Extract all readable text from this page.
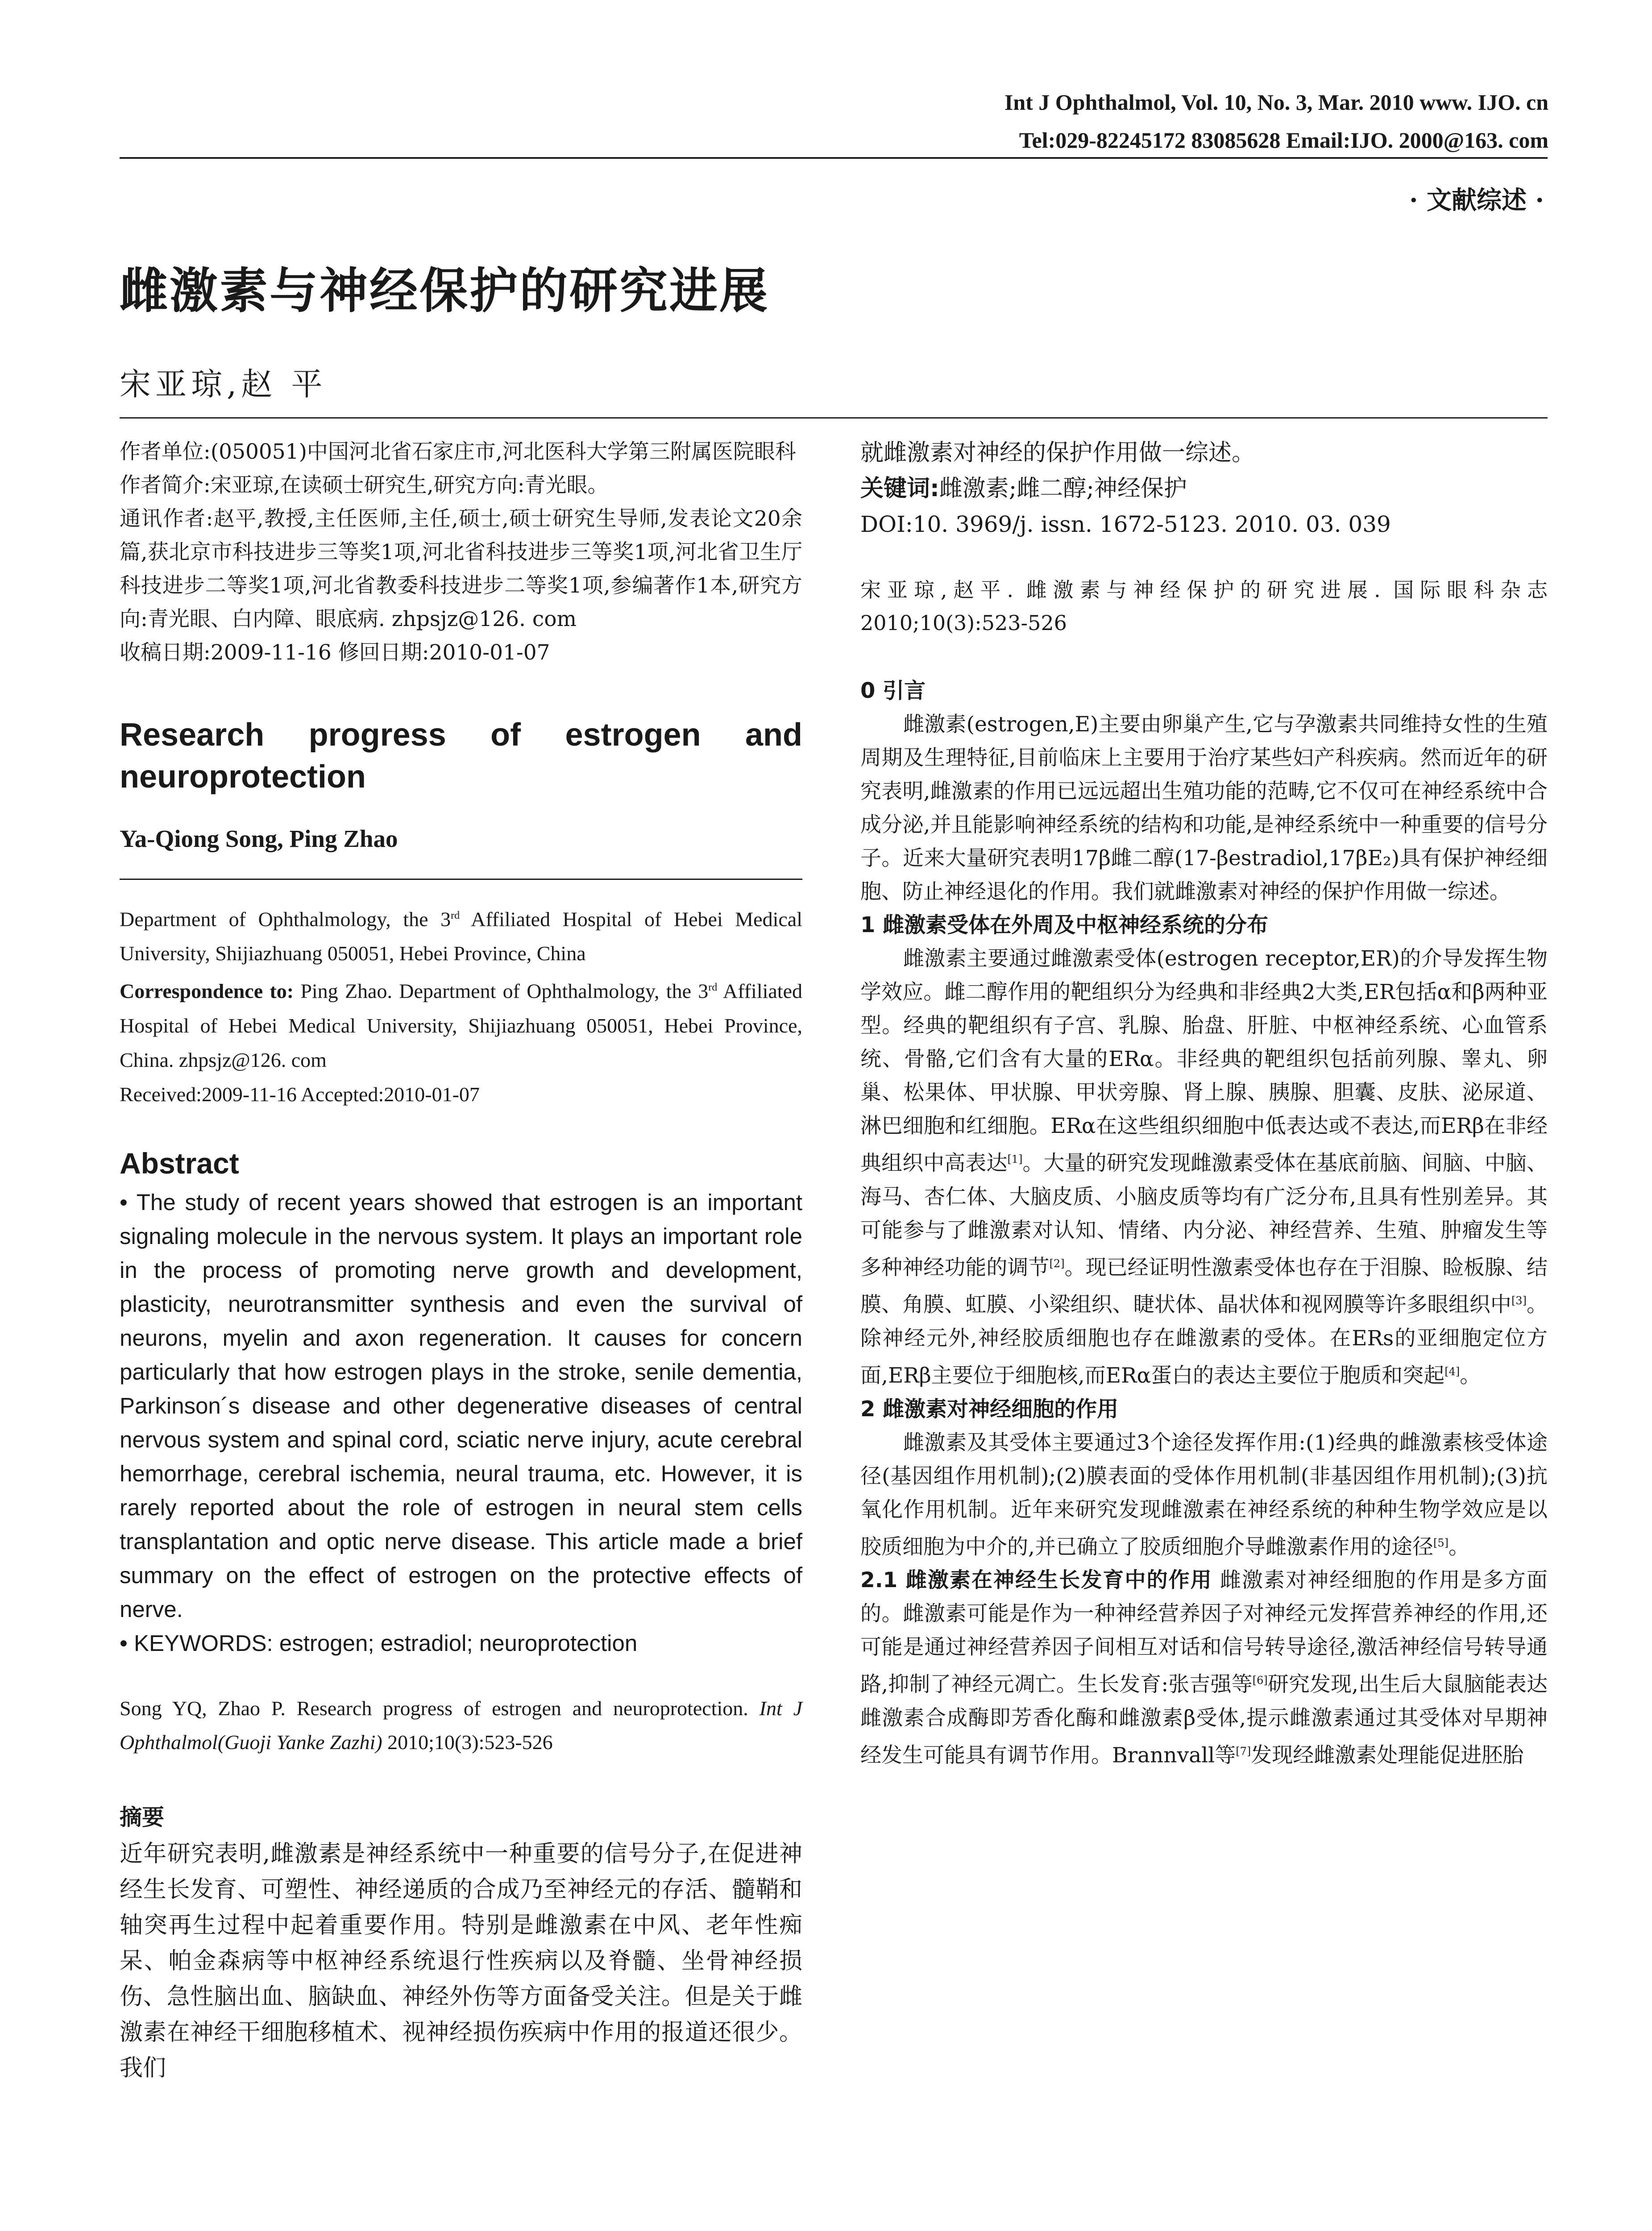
Int J Ophthalmol, Vol. 10, No. 3, Mar. 2010 www. IJO. cn
Tel:029-82245172 83085628 Email:IJO. 2000@163. com
· 文献综述 ·
雌激素与神经保护的研究进展
宋亚琼,赵 平

作者单位:(050051)中国河北省石家庄市,河北医科大学第三附属医院眼科

作者简介:宋亚琼,在读硕士研究生,研究方向:青光眼。

通讯作者:赵平,教授,主任医师,主任,硕士,硕士研究生导师,发表论文20余篇,获北京市科技进步三等奖1项,河北省科技进步三等奖1项,河北省卫生厅科技进步二等奖1项,河北省教委科技进步二等奖1项,参编著作1本,研究方向:青光眼、白内障、眼底病. zhpsjz@126. com

收稿日期:2009-11-16 修回日期:2010-01-07

Research progress of estrogen and neuroprotection
Ya-Qiong Song, Ping Zhao

Department of Ophthalmology, the 3rd Affiliated Hospital of Hebei Medical University, Shijiazhuang 050051, Hebei Province, China

Correspondence to: Ping Zhao. Department of Ophthalmology, the 3rd Affiliated Hospital of Hebei Medical University, Shijiazhuang 050051, Hebei Province, China. zhpsjz@126. com

Received:2009-11-16 Accepted:2010-01-07

Abstract

• The study of recent years showed that estrogen is an important signaling molecule in the nervous system. It plays an important role in the process of promoting nerve growth and development, plasticity, neurotransmitter synthesis and even the survival of neurons, myelin and axon regeneration. It causes for concern particularly that how estrogen plays in the stroke, senile dementia, Parkinson´s disease and other degenerative diseases of central nervous system and spinal cord, sciatic nerve injury, acute cerebral hemorrhage, cerebral ischemia, neural trauma, etc. However, it is rarely reported about the role of estrogen in neural stem cells transplantation and optic nerve disease. This article made a brief summary on the effect of estrogen on the protective effects of nerve.

• KEYWORDS: estrogen; estradiol; neuroprotection

Song YQ, Zhao P. Research progress of estrogen and neuroprotection. Int J Ophthalmol(Guoji Yanke Zazhi) 2010;10(3):523-526

摘要

近年研究表明,雌激素是神经系统中一种重要的信号分子,在促进神经生长发育、可塑性、神经递质的合成乃至神经元的存活、髓鞘和轴突再生过程中起着重要作用。特别是雌激素在中风、老年性痴呆、帕金森病等中枢神经系统退行性疾病以及脊髓、坐骨神经损伤、急性脑出血、脑缺血、神经外伤等方面备受关注。但是关于雌激素在神经干细胞移植术、视神经损伤疾病中作用的报道还很少。我们

就雌激素对神经的保护作用做一综述。

关键词:雌激素;雌二醇;神经保护

DOI:10. 3969/j. issn. 1672-5123. 2010. 03. 039

宋亚琼,赵平. 雌激素与神经保护的研究进展. 国际眼科杂志 2010;10(3):523-526

0 引言

雌激素(estrogen,E)主要由卵巢产生,它与孕激素共同维持女性的生殖周期及生理特征,目前临床上主要用于治疗某些妇产科疾病。然而近年的研究表明,雌激素的作用已远远超出生殖功能的范畴,它不仅可在神经系统中合成分泌,并且能影响神经系统的结构和功能,是神经系统中一种重要的信号分子。近来大量研究表明17β雌二醇(17-βestradiol,17βE₂)具有保护神经细胞、防止神经退化的作用。我们就雌激素对神经的保护作用做一综述。

1 雌激素受体在外周及中枢神经系统的分布

雌激素主要通过雌激素受体(estrogen receptor,ER)的介导发挥生物学效应。雌二醇作用的靶组织分为经典和非经典2大类,ER包括α和β两种亚型。经典的靶组织有子宫、乳腺、胎盘、肝脏、中枢神经系统、心血管系统、骨骼,它们含有大量的ERα。非经典的靶组织包括前列腺、睾丸、卵巢、松果体、甲状腺、甲状旁腺、肾上腺、胰腺、胆囊、皮肤、泌尿道、淋巴细胞和红细胞。ERα在这些组织细胞中低表达或不表达,而ERβ在非经典组织中高表达[1]。大量的研究发现雌激素受体在基底前脑、间脑、中脑、海马、杏仁体、大脑皮质、小脑皮质等均有广泛分布,且具有性别差异。其可能参与了雌激素对认知、情绪、内分泌、神经营养、生殖、肿瘤发生等多种神经功能的调节[2]。现已经证明性激素受体也存在于泪腺、睑板腺、结膜、角膜、虹膜、小梁组织、睫状体、晶状体和视网膜等许多眼组织中[3]。除神经元外,神经胶质细胞也存在雌激素的受体。在ERs的亚细胞定位方面,ERβ主要位于细胞核,而ERα蛋白的表达主要位于胞质和突起[4]。

2 雌激素对神经细胞的作用

雌激素及其受体主要通过3个途径发挥作用:(1)经典的雌激素核受体途径(基因组作用机制);(2)膜表面的受体作用机制(非基因组作用机制);(3)抗氧化作用机制。近年来研究发现雌激素在神经系统的种种生物学效应是以胶质细胞为中介的,并已确立了胶质细胞介导雌激素作用的途径[5]。

2.1 雌激素在神经生长发育中的作用 雌激素对神经细胞的作用是多方面的。雌激素可能是作为一种神经营养因子对神经元发挥营养神经的作用,还可能是通过神经营养因子间相互对话和信号转导途径,激活神经信号转导通路,抑制了神经元凋亡。生长发育:张吉强等[6]研究发现,出生后大鼠脑能表达雌激素合成酶即芳香化酶和雌激素β受体,提示雌激素通过其受体对早期神经发生可能具有调节作用。Brannvall等[7]发现经雌激素处理能促进胚胎
